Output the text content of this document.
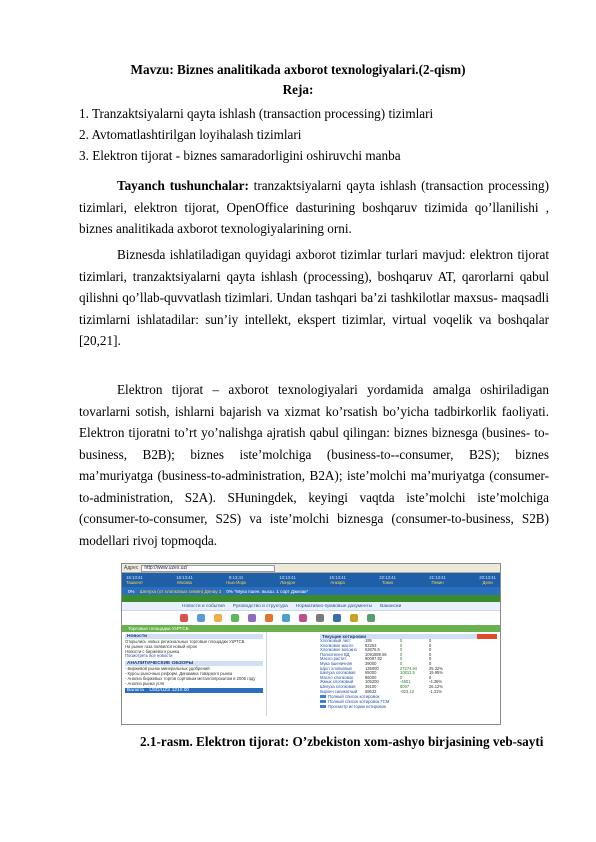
Mavzu: Biznes analitikada axborot texnologiyalari.(2-qism)
Reja:
1. Tranzaktsiyalarni qayta ishlash (transaction processing) tizimlari
2. Avtomatlashtirilgan loyihalash tizimlari
3. Elektron tijorat - biznes samaradorligini oshiruvchi manba
Tayanch tushunchalar: tranzaktsiyalarni qayta ishlash (transaction processing) tizimlari, elektron tijorat, OpenOffice dasturining boshqaruv tizimida qo’llanilishi , biznes analitikada axborot texnologiyalarining orni.
Biznesda ishlatiladigan quyidagi axborot tizimlar turlari mavjud: elektron tijorat tizimlari, tranzaktsiyalarni qayta ishlash (processing), boshqaruv AT, qarorlarni qabul qilishni qo’llab-quvvatlash tizimlari. Undan tashqari ba’zi tashkilotlar maxsus- maqsadli tizimlarni ishlatadilar: sun’iy intellekt, ekspert tizimlar, virtual voqelik va boshqalar [20,21].
Elektron tijorat – axborot texnologiyalari yordamida amalga oshiriladigan tovarlarni sotish, ishlarni bajarish va xizmat ko’rsatish bo’yicha tadbirkorlik faoliyati. Elektron tijoratni to’rt yo’nalishga ajratish qabul qilingan: biznes biznesga (busines- to-business, B2B); biznes iste’molchiga (business-to--consumer, B2S); biznes ma’muriyatga (business-to-administration, B2A); iste’molchi ma’muriyatga (consumer-to-administration, S2A). SHuningdek, keyingi vaqtda iste’molchi iste’molchiga (consumer-to-consumer, S2S) va iste’molchi biznesga (consumer-to-business, S2B) modellari rivoj topmoqda.
Адрес	http://www.uzex.uz/
16:13:41
Ташкент
16:13:41
Москва
8:13:41
Нью-Йорк
13:13:41
Лондон
15:13:41
Анкара
22:13:41
Токио
21:13:41
Пекин
20:13:41
Дели
0% Шелуха (от хлопковых семян) Денау 3 0% *Мука пшен. высш. 1 сорт Джизак*
Новости и события Руководство и структура Нормативно-правовые документы Вакансии
Торговые площадки УзРТСБ
Новости
Открылись новых региональных торговые площадки УзРТСБ
На рынке газа появился новый игрок
Новости с биржевого рынка
Посмотреть все новости
АНАЛИТИЧЕСКИЕ ОБЗОРЫ
- Биржевой рынок минеральных удобрений
- Курсы рыночных реформ. Динамика товарного рынка
- Анализ биржевых торгов сортовым металлопрокатом в 2005 году
- Анализ рынка угля
Валюта USD/UZS 1210.00
Текущие котировки
Хлопковый лист	195	0	0
Хлопковое масло	52263	0	0
Хлопковое волокно	53876.5	0	0
Полиэтилен ВД	1091889.56	0	0
Масло растит.	90097.92	0	0
Мука пшеничная	39000	0	0
Шрот хлопковый	135000	27274.94	25.32%
Шелуха хлопковая	65000	10812.5	19.95%
Масло хлопковое	86000	0	0
Жмых хлопковый	105200	-4601	-4.36%
Шелуха хлопковая	39100	8097	26.12%
Кирпич силикатный	69632	-923.13	-1.31%
Полный список котировок
Полный список котировок ГСМ
Просмотр истории котировок
2.1-rasm. Elektron tijorat: O’zbekiston xom-ashyo birjasining veb-sayti
